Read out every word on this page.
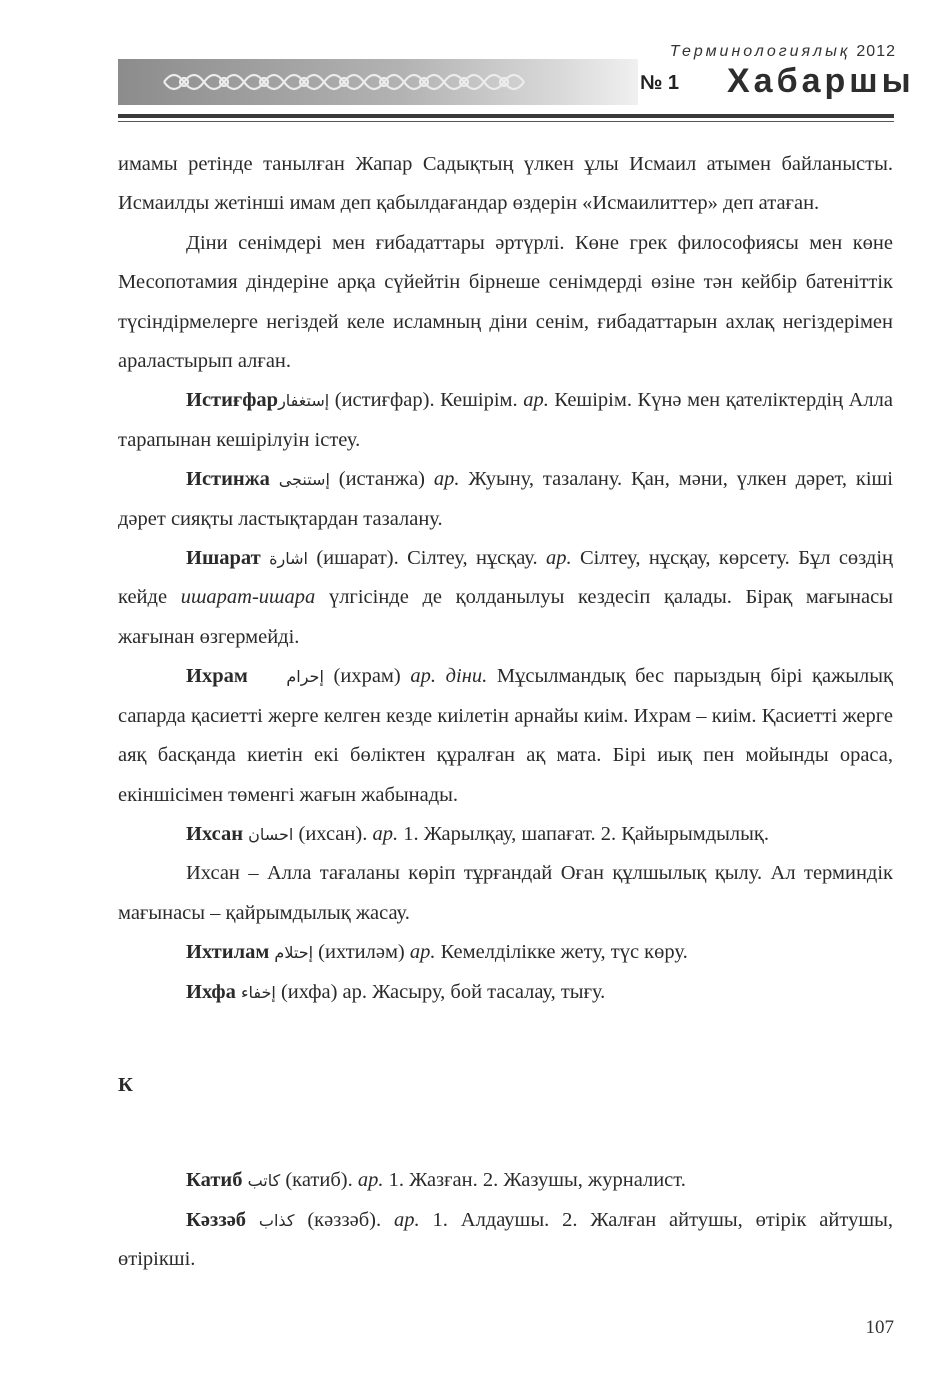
Терминологиялық 2012
№ 1 Хабаршы

имамы ретінде танылған Жапар Садықтың үлкен ұлы Исмаил атымен байланысты. Исмаилды жетінші имам деп қабылдағандар өздерін «Исмаилиттер» деп атаған.

Діни сенімдері мен ғибадаттары әртүрлі. Көне грек философиясы мен көне Месопотамия діндеріне арқа сүйейтін бірнеше сенімдерді өзіне тән кейбір батеніттік түсіндірмелерге негіздей келе исламның діни сенім, ғибадаттарын ахлақ негіздерімен араластырып алған.

Истиғфарإستغفار (истиғфар). Кешірім. ар. Кешірім. Күнә мен қателіктердің Алла тарапынан кешірілуін істеу.

Истинжа إستنجى (истанжа) ар. Жуыну, тазалану. Қан, мәни, үлкен дәрет, кіші дәрет сияқты ластықтардан тазалану.

Ишарат اشارة (ишарат). Сілтеу, нұсқау. ар. Сілтеу, нұсқау, көрсету. Бұл сөздің кейде ишарат-ишара үлгісінде де қолданылуы кездесіп қалады. Бірақ мағынасы жағынан өзгермейді.

Ихрам إحرام (ихрам) ар. діни. Мұсылмандық бес парыздың бірі қажылық сапарда қасиетті жерге келген кезде киілетін арнайы киім. Ихрам – киім. Қасиетті жерге аяқ басқанда киетін екі бөліктен құралған ақ мата. Бірі иық пен мойынды ораса, екіншісімен төменгі жағын жабынады.

Ихсан احسان (ихсан). ар. 1. Жарылқау, шапағат. 2. Қайырымдылық.

Ихсан – Алла тағаланы көріп тұрғандай Оған құлшылық қылу. Ал терминдік мағынасы – қайрымдылық жасау.

Ихтилам إحتلام (ихтиләм) ар. Кемелділікке жету, түс көру.

Ихфа إخفاء (ихфа) ар. Жасыру, бой тасалау, тығу.

К

Катиб كاتب (катиб). ар. 1. Жазған. 2. Жазушы, журналист.

Кәззәб كذاب (кәззәб). ар. 1. Алдаушы. 2. Жалған айтушы, өтірік айтушы, өтірікші.

107
